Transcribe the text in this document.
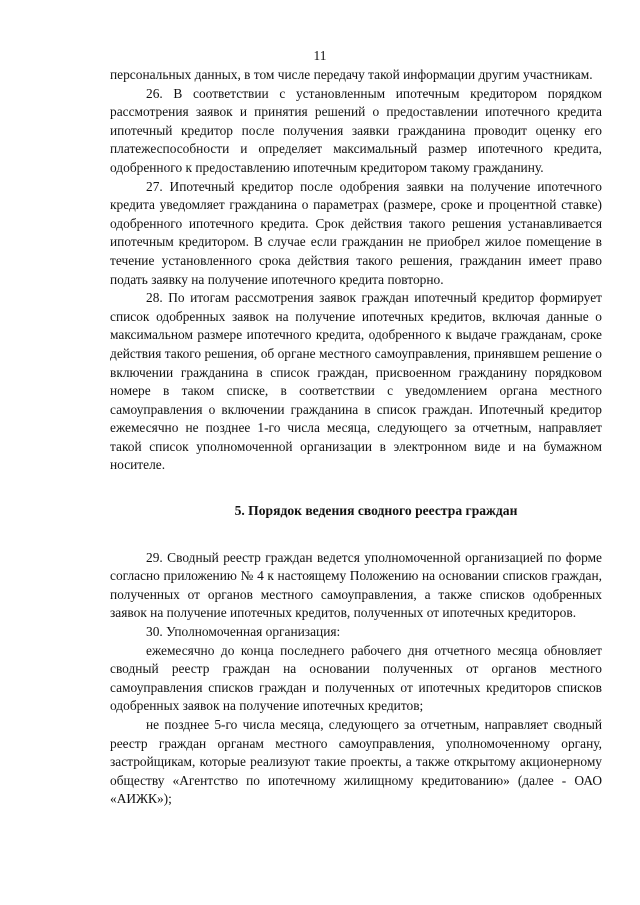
11

персональных данных, в том числе передачу такой информации другим участникам.

26. В соответствии с установленным ипотечным кредитором порядком рассмотрения заявок и принятия решений о предоставлении ипотечного кредита ипотечный кредитор после получения заявки гражданина проводит оценку его платежеспособности и определяет максимальный размер ипотечного кредита, одобренного к предоставлению ипотечным кредитором такому гражданину.

27. Ипотечный кредитор после одобрения заявки на получение ипотечного кредита уведомляет гражданина о параметрах (размере, сроке и процентной ставке) одобренного ипотечного кредита. Срок действия такого решения устанавливается ипотечным кредитором. В случае если гражданин не приобрел жилое помещение в течение установленного срока действия такого решения, гражданин имеет право подать заявку на получение ипотечного кредита повторно.

28. По итогам рассмотрения заявок граждан ипотечный кредитор формирует список одобренных заявок на получение ипотечных кредитов, включая данные о максимальном размере ипотечного кредита, одобренного к выдаче гражданам, сроке действия такого решения, об органе местного самоуправления, принявшем решение о включении гражданина в список граждан, присвоенном гражданину порядковом номере в таком списке, в соответствии с уведомлением органа местного самоуправления о включении гражданина в список граждан. Ипотечный кредитор ежемесячно не позднее 1-го числа месяца, следующего за отчетным, направляет такой список уполномоченной организации в электронном виде и на бумажном носителе.

5. Порядок ведения сводного реестра граждан

29. Сводный реестр граждан ведется уполномоченной организацией по форме согласно приложению № 4 к настоящему Положению на основании списков граждан, полученных от органов местного самоуправления, а также списков одобренных заявок на получение ипотечных кредитов, полученных от ипотечных кредиторов.

30. Уполномоченная организация:

ежемесячно до конца последнего рабочего дня отчетного месяца обновляет сводный реестр граждан на основании полученных от органов местного самоуправления списков граждан и полученных от ипотечных кредиторов списков одобренных заявок на получение ипотечных кредитов;

не позднее 5-го числа месяца, следующего за отчетным, направляет сводный реестр граждан органам местного самоуправления, уполномоченному органу, застройщикам, которые реализуют такие проекты, а также открытому акционерному обществу «Агентство по ипотечному жилищному кредитованию» (далее - ОАО «АИЖК»);
